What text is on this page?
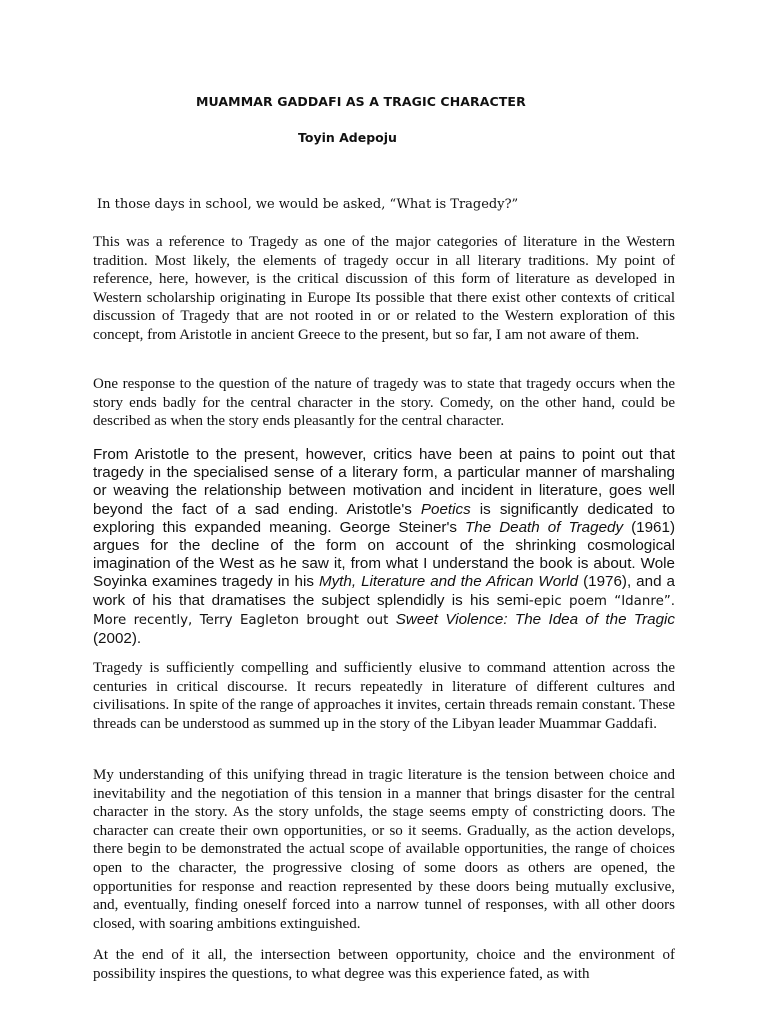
MUAMMAR GADDAFI AS A TRAGIC CHARACTER

Toyin Adepoju

In those days in school, we would be asked, “What is Tragedy?”

This was a reference to Tragedy as one of the major categories of literature in the Western tradition. Most likely, the elements of tragedy occur in all literary traditions. My point of reference, here, however, is the critical discussion of this form of literature as developed in Western scholarship originating in Europe Its possible that there exist other contexts of critical discussion of Tragedy that are not rooted in or or related to the Western exploration of this concept, from Aristotle in ancient Greece to the present, but so far, I am not aware of them.

One response to the question of the nature of tragedy was to state that tragedy occurs when the story ends badly for the central character in the story. Comedy, on the other hand, could be described as when the story ends pleasantly for the central character.

From Aristotle to the present, however, critics have been at pains to point out that tragedy in the specialised sense of a literary form, a particular manner of marshaling or weaving the relationship between motivation and incident in literature, goes well beyond the fact of a sad ending. Aristotle's Poetics is significantly dedicated to exploring this expanded meaning. George Steiner's The Death of Tragedy (1961) argues for the decline of the form on account of the shrinking cosmological imagination of the West as he saw it, from what I understand the book is about. Wole Soyinka examines tragedy in his Myth, Literature and the African World (1976), and a work of his that dramatises the subject splendidly is his semi-epic poem “Idanre”. More recently, Terry Eagleton brought out Sweet Violence: The Idea of the Tragic (2002).

Tragedy is sufficiently compelling and sufficiently elusive to command attention across the centuries in critical discourse. It recurs repeatedly in literature of different cultures and civilisations. In spite of the range of approaches it invites, certain threads remain constant. These threads can be understood as summed up in the story of the Libyan leader Muammar Gaddafi.

My understanding of this unifying thread in tragic literature is the tension between choice and inevitability and the negotiation of this tension in a manner that brings disaster for the central character in the story. As the story unfolds, the stage seems empty of constricting doors. The character can create their own opportunities, or so it seems. Gradually, as the action develops, there begin to be demonstrated the actual scope of available opportunities, the range of choices open to the character, the progressive closing of some doors as others are opened, the opportunities for response and reaction represented by these doors being mutually exclusive, and, eventually, finding oneself forced into a narrow tunnel of responses, with all other doors closed, with soaring ambitions extinguished.

At the end of it all, the intersection between opportunity, choice and the environment of possibility inspires the questions, to what degree was this experience fated, as with
